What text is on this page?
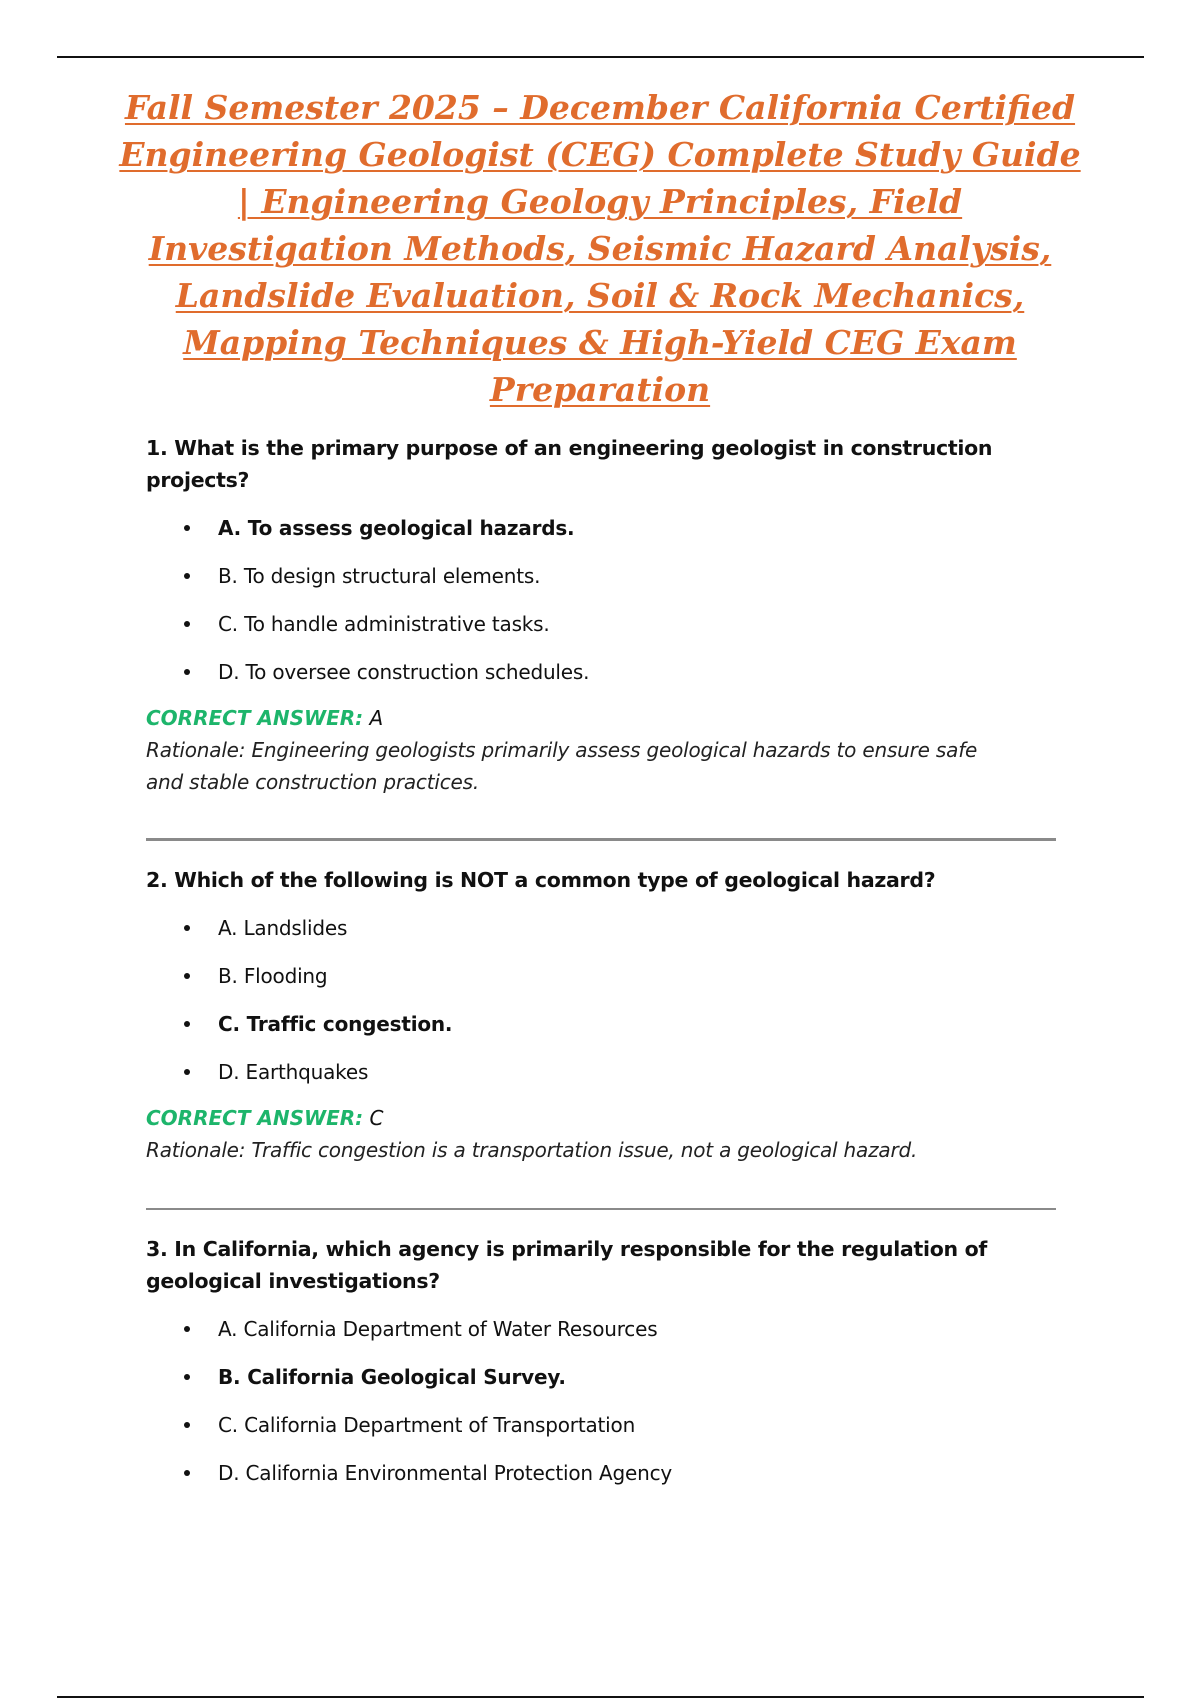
Fall Semester 2025 – December California Certified
Engineering Geologist (CEG) Complete Study Guide
| Engineering Geology Principles, Field
Investigation Methods, Seismic Hazard Analysis,
Landslide Evaluation, Soil & Rock Mechanics,
Mapping Techniques & High-Yield CEG Exam
Preparation

1. What is the primary purpose of an engineering geologist in construction
projects?

A. To assess geological hazards.
B. To design structural elements.
C. To handle administrative tasks.
D. To oversee construction schedules.

CORRECT ANSWER: A

Rationale: Engineering geologists primarily assess geological hazards to ensure safe
and stable construction practices.

2. Which of the following is NOT a common type of geological hazard?

A. Landslides
B. Flooding
C. Traffic congestion.
D. Earthquakes

CORRECT ANSWER: C

Rationale: Traffic congestion is a transportation issue, not a geological hazard.

3. In California, which agency is primarily responsible for the regulation of
geological investigations?

A. California Department of Water Resources
B. California Geological Survey.
C. California Department of Transportation
D. California Environmental Protection Agency
